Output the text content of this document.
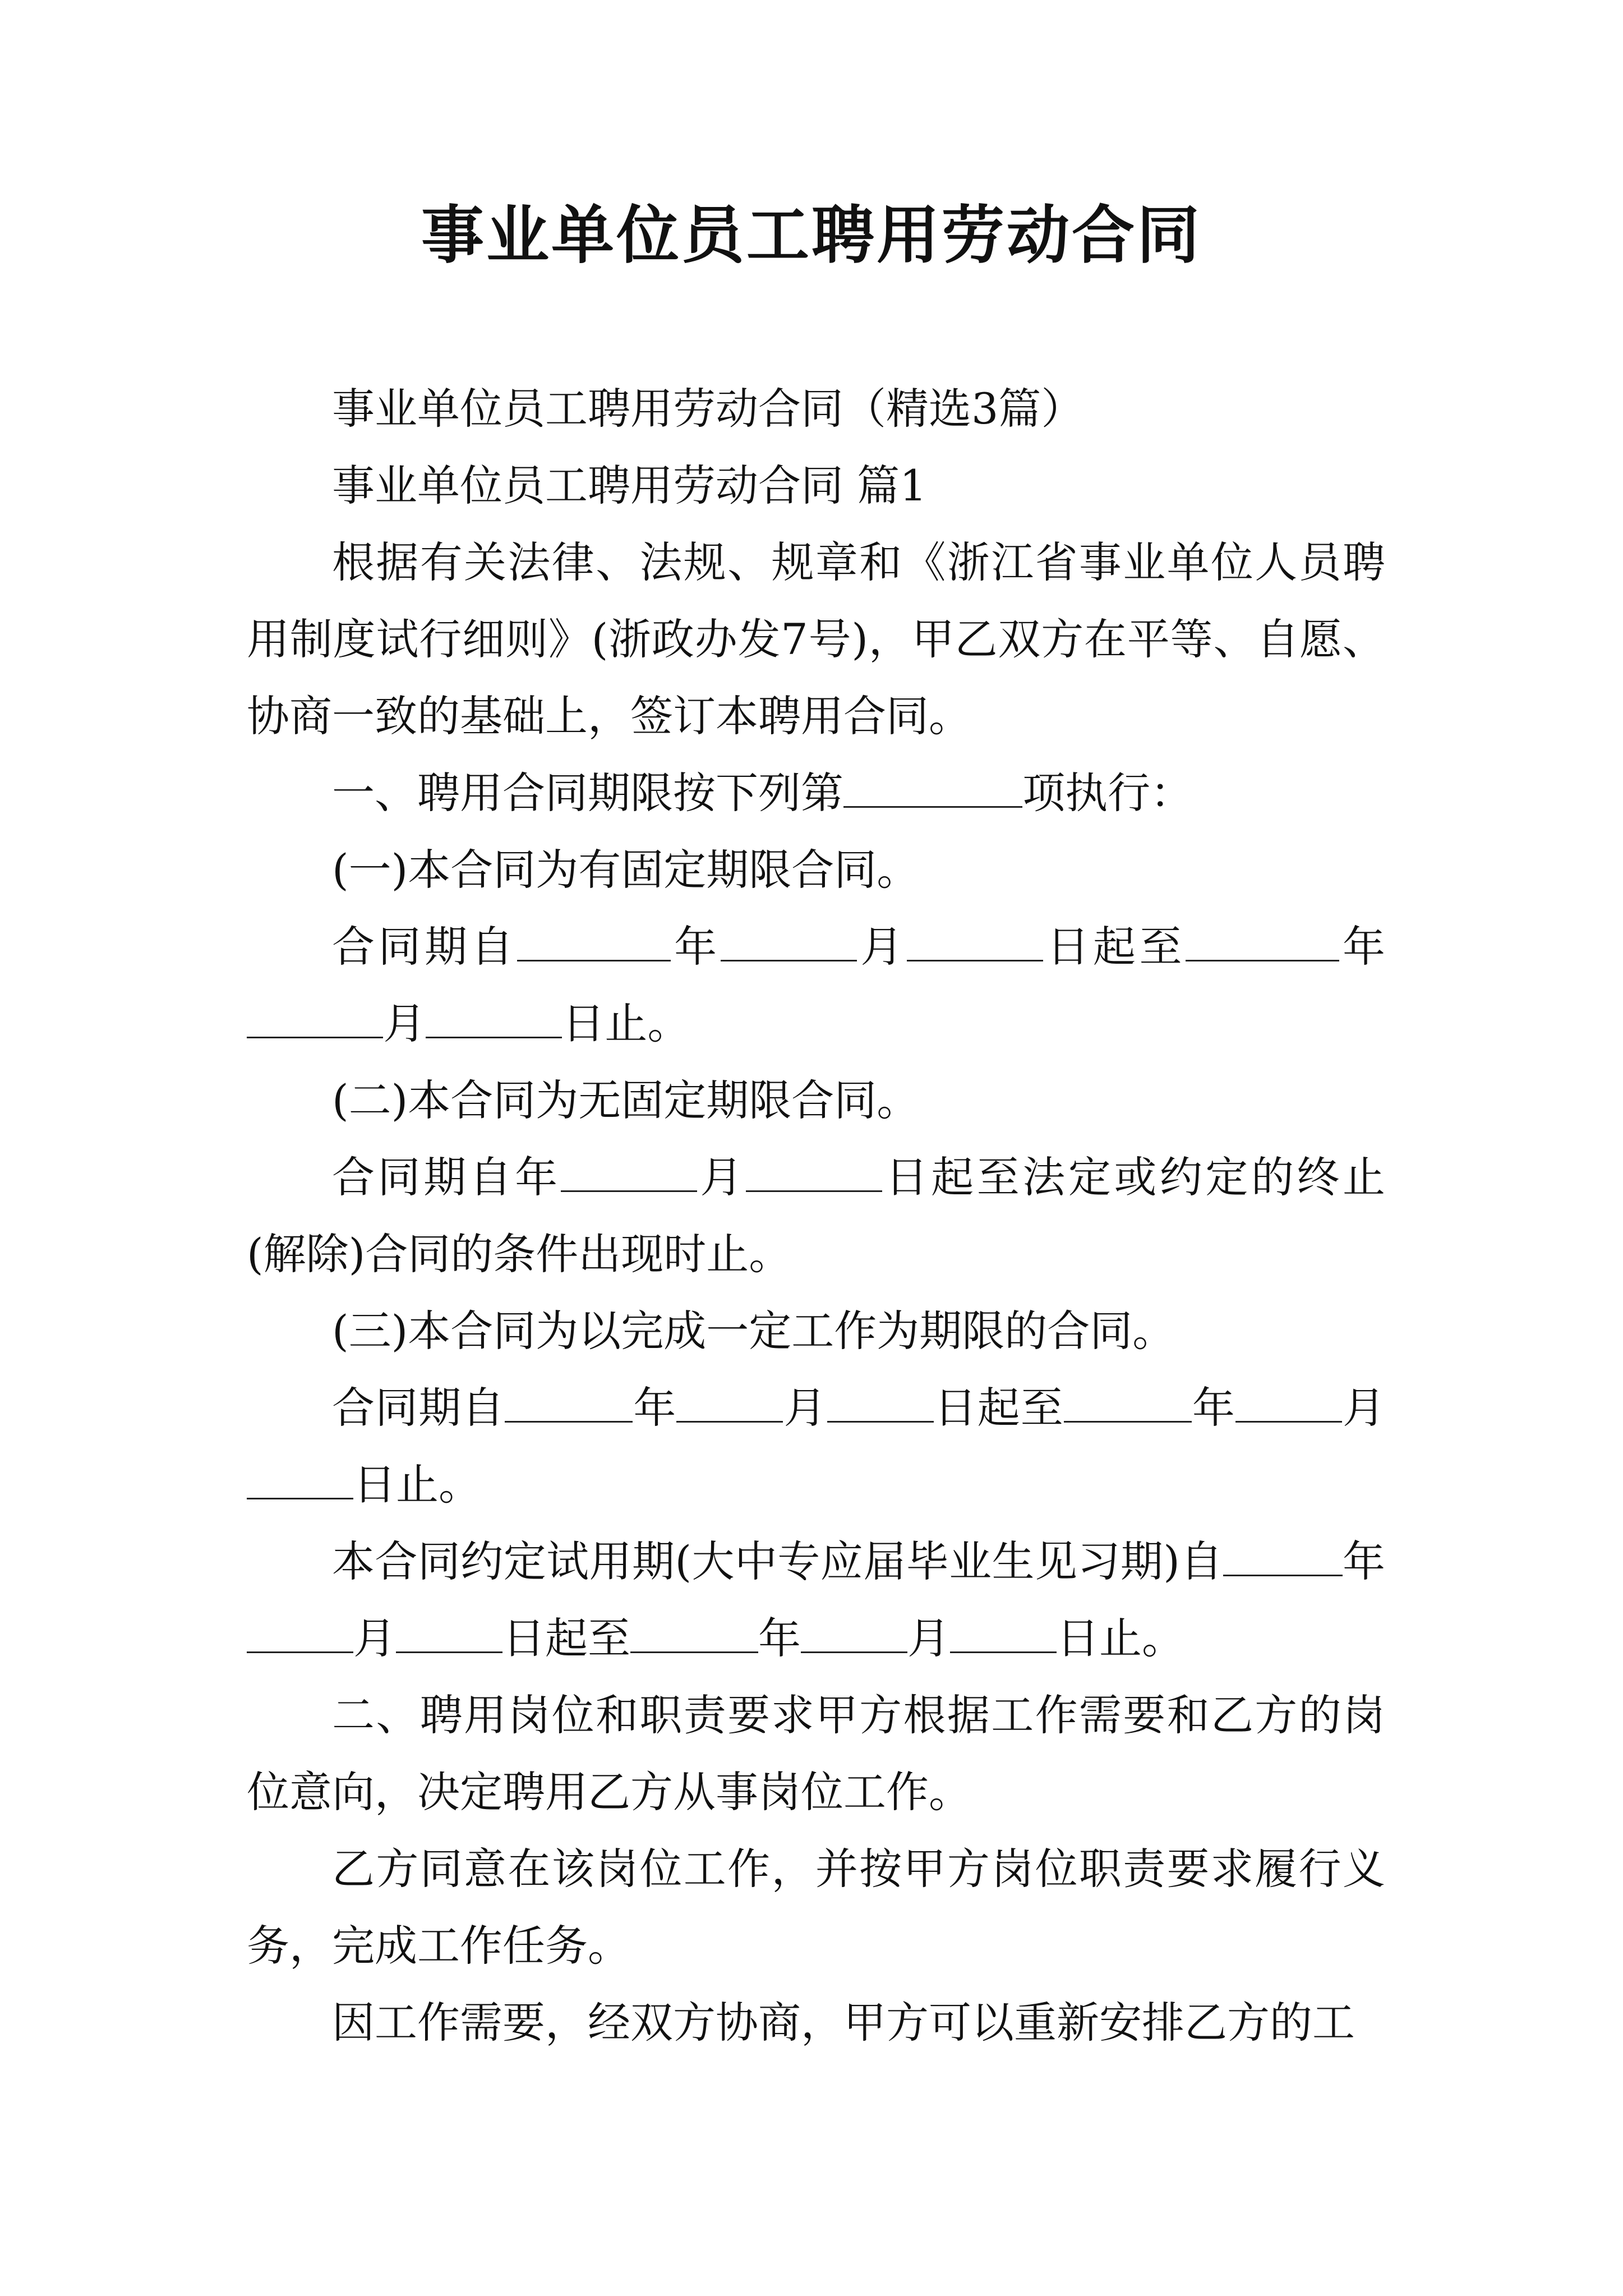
事业单位员工聘用劳动合同

事业单位员工聘用劳动合同（精选3篇）

事业单位员工聘用劳动合同 篇1

根据有关法律、法规、规章和《浙江省事业单位人员聘用制度试行细则》(浙政办发7号)，甲乙双方在平等、自愿、协商一致的基础上，签订本聘用合同。

一、聘用合同期限按下列第	项执行：

(一)本合同为有固定期限合同。

合同期自	年	月	日起至	年月	日止。

(二)本合同为无固定期限合同。

合同期自年	月	日起至法定或约定的终止(解除)合同的条件出现时止。

(三)本合同为以完成一定工作为期限的合同。

合同期自	年	月	日起至	年	月日止。

本合同约定试用期(大中专应届毕业生见习期)自	年月	日起至	年	月	日止。

二、聘用岗位和职责要求甲方根据工作需要和乙方的岗位意向，决定聘用乙方从事岗位工作。

乙方同意在该岗位工作，并按甲方岗位职责要求履行义务，完成工作任务。

因工作需要，经双方协商，甲方可以重新安排乙方的工
